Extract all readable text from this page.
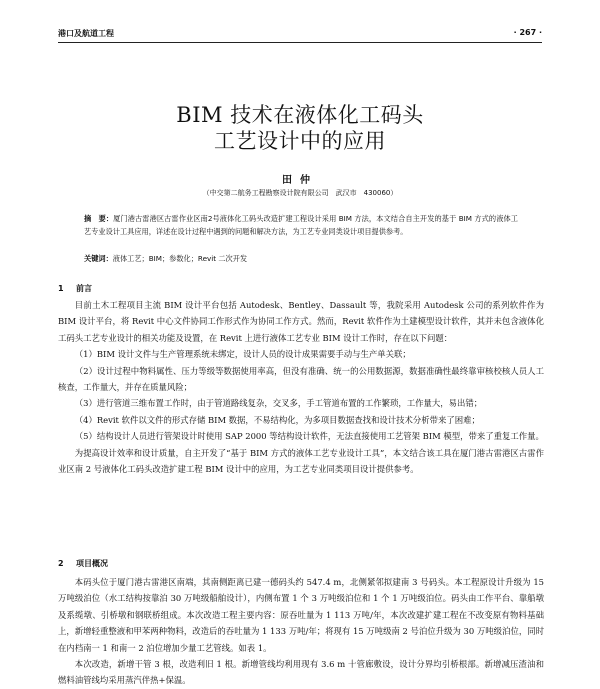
港口及航道工程	· 267 ·
BIM 技术在液体化工码头
工艺设计中的应用
田仲
（中交第二航务工程勘察设计院有限公司　武汉市　430060）
摘　要：厦门港古雷港区古雷作业区南2号液体化工码头改造扩建工程设计采用 BIM 方法，本文结合自主开发的基于 BIM 方式的液体工艺专业设计工具应用，详述在设计过程中遇到的问题和解决方法，为工艺专业同类设计项目提供参考。
关键词：液体工艺；BIM；参数化；Revit 二次开发
1 前言

目前土木工程项目主流 BIM 设计平台包括 Autodesk、Bentley、Dassault 等，我院采用 Autodesk 公司的系列软件作为 BIM 设计平台，将 Revit 中心文件协同工作形式作为协同工作方式。然而，Revit 软件作为土建模型设计软件，其并未包含液体化工码头工艺专业设计的相关功能及设置，在 Revit 上进行液体工艺专业 BIM 设计工作时，存在以下问题：

（1）BIM 设计文件与生产管理系统未绑定，设计人员的设计成果需要手动与生产单关联；

（2）设计过程中物料属性、压力等级等数据使用率高，但没有准确、统一的公用数据源，数据准确性最终靠审核校核人员人工核查，工作量大，并存在质量风险；

（3）进行管道三维布置工作时，由于管道路线复杂，交叉多，手工管道布置的工作繁琐，工作量大，易出错；

（4）Revit 软件以文件的形式存储 BIM 数据，不易结构化，为多项目数据查找和设计技术分析带来了困难；

（5）结构设计人员进行管架设计时使用 SAP 2000 等结构设计软件，无法直接使用工艺管架 BIM 模型，带来了重复工作量。

为提高设计效率和设计质量，自主开发了“基于 BIM 方式的液体工艺专业设计工具”，本文结合该工具在厦门港古雷港区古雷作业区南 2 号液体化工码头改造扩建工程 BIM 设计中的应用，为工艺专业同类项目设计提供参考。

2 项目概况

本码头位于厦门港古雷港区南端，其南侧距离已建一德码头约 547.4 m，北侧紧邻拟建南 3 号码头。本工程原设计升级为 15 万吨级泊位（水工结构按靠泊 30 万吨级船舶设计），内侧布置 1 个 3 万吨级泊位和 1 个 1 万吨级泊位。码头由工作平台、靠船墩及系缆墩、引桥墩和钢联桥组成。本次改造工程主要内容：原吞吐量为 1 113 万吨/年，本次改建扩建工程在不改变原有物料基础上，新增轻重整液和甲苯两种物料，改造后的吞吐量为 1 133 万吨/年；将现有 15 万吨级南 2 号泊位升级为 30 万吨级泊位，同时在内档南一 1 和南一 2 泊位增加少量工艺管线。如表 1。

本次改造，新增干管 3 根，改造利旧 1 根。新增管线均利用现有 3.6 m 十管廊敷设，设计分界均引桥根部。新增减压渣油和燃料油管线均采用蒸汽伴热+保温。
